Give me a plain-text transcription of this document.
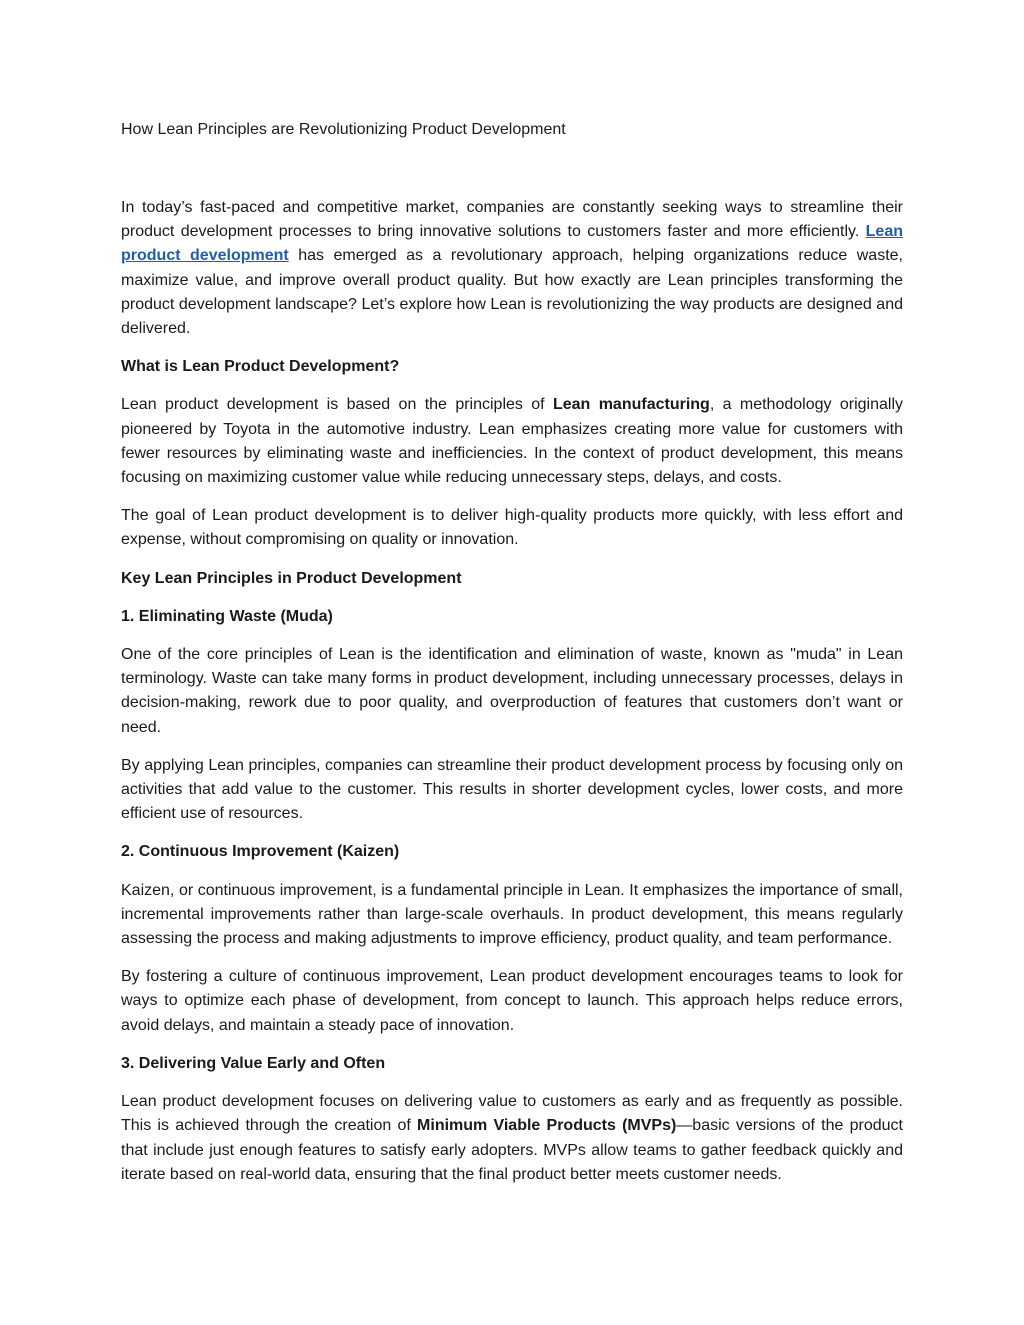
How Lean Principles are Revolutionizing Product Development

In today’s fast-paced and competitive market, companies are constantly seeking ways to streamline their product development processes to bring innovative solutions to customers faster and more efficiently. Lean product development has emerged as a revolutionary approach, helping organizations reduce waste, maximize value, and improve overall product quality. But how exactly are Lean principles transforming the product development landscape? Let’s explore how Lean is revolutionizing the way products are designed and delivered.

What is Lean Product Development?

Lean product development is based on the principles of Lean manufacturing, a methodology originally pioneered by Toyota in the automotive industry. Lean emphasizes creating more value for customers with fewer resources by eliminating waste and inefficiencies. In the context of product development, this means focusing on maximizing customer value while reducing unnecessary steps, delays, and costs.

The goal of Lean product development is to deliver high-quality products more quickly, with less effort and expense, without compromising on quality or innovation.

Key Lean Principles in Product Development
1. Eliminating Waste (Muda)

One of the core principles of Lean is the identification and elimination of waste, known as "muda" in Lean terminology. Waste can take many forms in product development, including unnecessary processes, delays in decision-making, rework due to poor quality, and overproduction of features that customers don’t want or need.

By applying Lean principles, companies can streamline their product development process by focusing only on activities that add value to the customer. This results in shorter development cycles, lower costs, and more efficient use of resources.

2. Continuous Improvement (Kaizen)

Kaizen, or continuous improvement, is a fundamental principle in Lean. It emphasizes the importance of small, incremental improvements rather than large-scale overhauls. In product development, this means regularly assessing the process and making adjustments to improve efficiency, product quality, and team performance.

By fostering a culture of continuous improvement, Lean product development encourages teams to look for ways to optimize each phase of development, from concept to launch. This approach helps reduce errors, avoid delays, and maintain a steady pace of innovation.

3. Delivering Value Early and Often

Lean product development focuses on delivering value to customers as early and as frequently as possible. This is achieved through the creation of Minimum Viable Products (MVPs)—basic versions of the product that include just enough features to satisfy early adopters. MVPs allow teams to gather feedback quickly and iterate based on real-world data, ensuring that the final product better meets customer needs.
